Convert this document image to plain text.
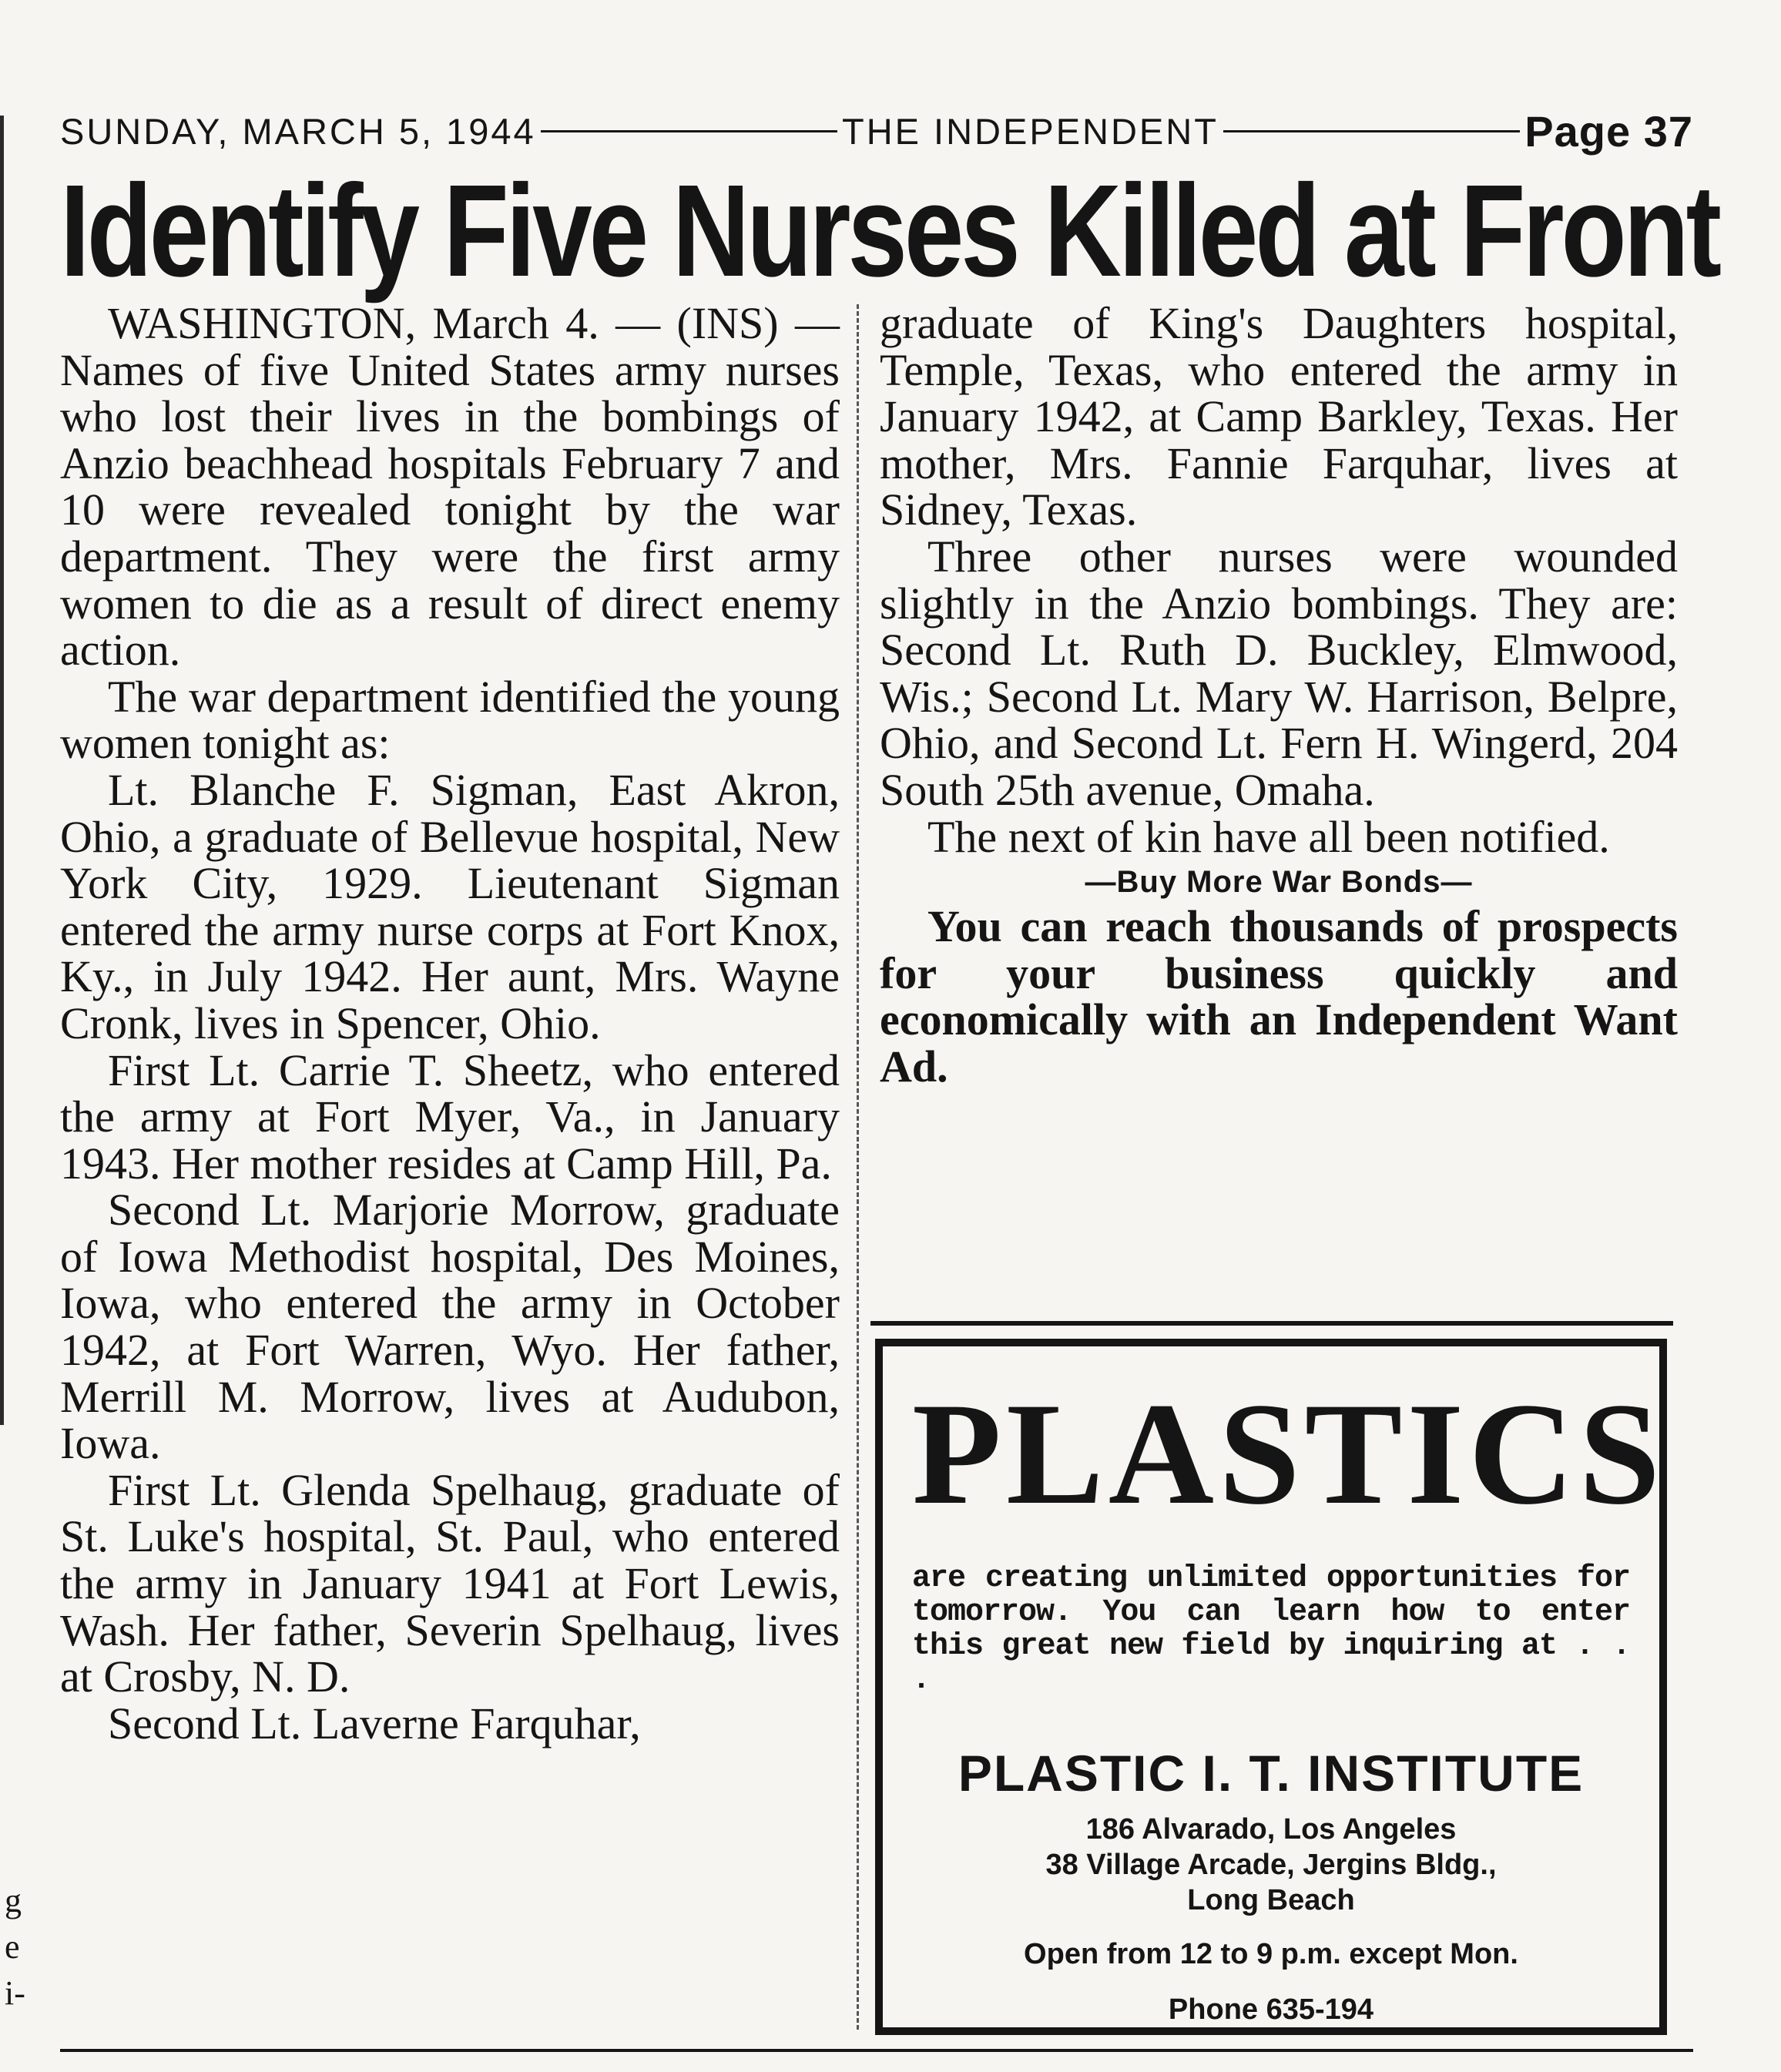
g
e
i-
SUNDAY, MARCH 5, 1944	THE INDEPENDENT	Page 37
Identify Five Nurses Killed at Front

WASHINGTON, March 4. — (INS) — Names of five United States army nurses who lost their lives in the bombings of Anzio beachhead hospitals February 7 and 10 were revealed tonight by the war department. They were the first army women to die as a result of direct enemy action.

The war department identified the young women tonight as:

Lt. Blanche F. Sigman, East Akron, Ohio, a graduate of Bellevue hospital, New York City, 1929. Lieutenant Sigman entered the army nurse corps at Fort Knox, Ky., in July 1942. Her aunt, Mrs. Wayne Cronk, lives in Spencer, Ohio.

First Lt. Carrie T. Sheetz, who entered the army at Fort Myer, Va., in January 1943. Her mother resides at Camp Hill, Pa.

Second Lt. Marjorie Morrow, graduate of Iowa Methodist hospital, Des Moines, Iowa, who entered the army in October 1942, at Fort Warren, Wyo. Her father, Merrill M. Morrow, lives at Audubon, Iowa.

First Lt. Glenda Spelhaug, graduate of St. Luke's hospital, St. Paul, who entered the army in January 1941 at Fort Lewis, Wash. Her father, Severin Spelhaug, lives at Crosby, N. D.

Second Lt. Laverne Farquhar,

graduate of King's Daughters hospital, Temple, Texas, who entered the army in January 1942, at Camp Barkley, Texas. Her mother, Mrs. Fannie Farquhar, lives at Sidney, Texas.

Three other nurses were wounded slightly in the Anzio bombings. They are: Second Lt. Ruth D. Buckley, Elmwood, Wis.; Second Lt. Mary W. Harrison, Belpre, Ohio, and Second Lt. Fern H. Wingerd, 204 South 25th avenue, Omaha.

The next of kin have all been notified.

—Buy More War Bonds—

You can reach thousands of prospects for your business quickly and economically with an Independent Want Ad.

PLASTICS
are creating unlimited opportunities for tomorrow. You can learn how to enter this great new field by inquiring at . . .
PLASTIC I. T. INSTITUTE
186 Alvarado, Los Angeles
38 Village Arcade, Jergins Bldg.,
Long Beach
Open from 12 to 9 p.m. except Mon.
Phone 635-194
